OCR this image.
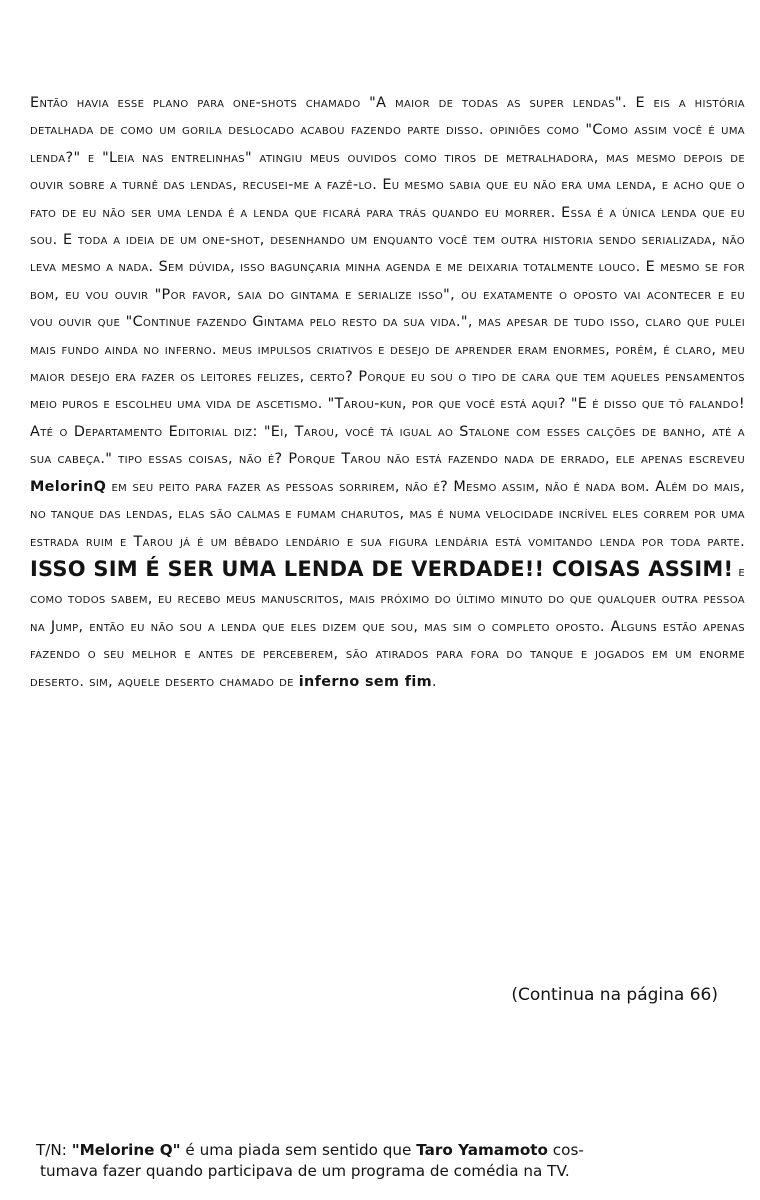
Então havia esse plano para one-shots chamado "A maior de todas as super lendas". E eis a história detalhada de como um gorila deslocado acabou fazendo parte disso. opiniões como "Como assim você é uma lenda?" e "Leia nas entrelinhas" atingiu meus ouvidos como tiros de metralhadora, mas mesmo depois de ouvir sobre a turnê das lendas, recusei-me a fazê-lo. Eu mesmo sabia que eu não era uma lenda, e acho que o fato de eu não ser uma lenda é a lenda que ficará para trás quando eu morrer. Essa é a única lenda que eu sou. E toda a ideia de um one-shot, desenhando um enquanto você tem outra historia sendo serializada, não leva mesmo a nada. Sem dúvida, isso bagunçaria minha agenda e me deixaria totalmente louco. E mesmo se for bom, eu vou ouvir "Por favor, saia do gintama e serialize isso", ou exatamente o oposto vai acontecer e eu vou ouvir que "Continue fazendo Gintama pelo resto da sua vida.", mas apesar de tudo isso, claro que pulei mais fundo ainda no inferno. meus impulsos criativos e desejo de aprender eram enormes, porém, é claro, meu maior desejo era fazer os leitores felizes, certo? Porque eu sou o tipo de cara que tem aqueles pensamentos meio puros e escolheu uma vida de ascetismo. "Tarou-kun, por que você está aqui? "E é disso que tô falando! Até o Departamento Editorial diz: "Ei, Tarou, você tá igual ao Stalone com esses calções de banho, até a sua cabeça." tipo essas coisas, não é? Porque Tarou não está fazendo nada de errado, ele apenas escreveu MelorinQ em seu peito para fazer as pessoas sorrirem, não é? Mesmo assim, não é nada bom. Além do mais, no tanque das lendas, elas são calmas e fumam charutos, mas é numa velocidade incrível eles correm por uma estrada ruim e Tarou já é um bêbado lendário e sua figura lendária está vomitando lenda por toda parte. ISSO SIM É SER UMA LENDA DE VERDADE!! COISAS ASSIM! e como todos sabem, eu recebo meus manuscritos, mais próximo do último minuto do que qualquer outra pessoa na Jump, então eu não sou a lenda que eles dizem que sou, mas sim o completo oposto. Alguns estão apenas fazendo o seu melhor e antes de perceberem, são atirados para fora do tanque e jogados em um enorme deserto. sim, aquele deserto chamado de inferno sem fim.
(Continua na página 66)
T/N: "Melorine Q" é uma piada sem sentido que Taro Yamamoto cos-
tumava fazer quando participava de um programa de comédia na TV.
